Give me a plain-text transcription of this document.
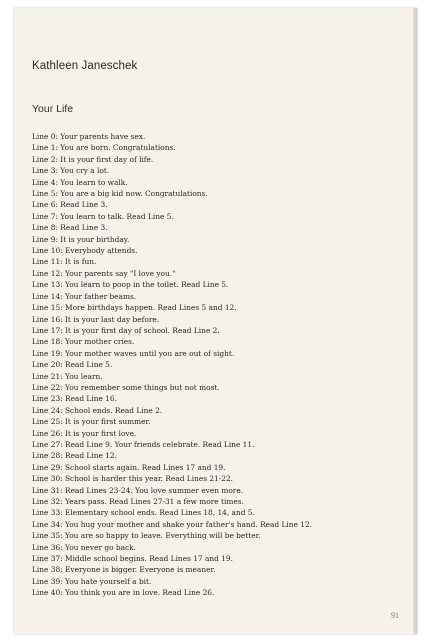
Kathleen Janeschek
Your Life
Line 0: Your parents have sex.
Line 1: You are born. Congratulations.
Line 2: It is your first day of life.
Line 3: You cry a lot.
Line 4: You learn to walk.
Line 5: You are a big kid now. Congratulations.
Line 6: Read Line 3.
Line 7: You learn to talk. Read Line 5.
Line 8: Read Line 3.
Line 9: It is your birthday.
Line 10: Everybody attends.
Line 11: It is fun.
Line 12: Your parents say "I love you."
Line 13: You learn to poop in the toilet. Read Line 5.
Line 14: Your father beams.
Line 15: More birthdays happen. Read Lines 5 and 12.
Line 16: It is your last day before.
Line 17: It is your first day of school. Read Line 2.
Line 18: Your mother cries.
Line 19: Your mother waves until you are out of sight.
Line 20: Read Line 5.
Line 21: You learn.
Line 22: You remember some things but not most.
Line 23: Read Line 16.
Line 24: School ends. Read Line 2.
Line 25: It is your first summer.
Line 26: It is your first love.
Line 27: Read Line 9. Your friends celebrate. Read Line 11.
Line 28: Read Line 12.
Line 29: School starts again. Read Lines 17 and 19.
Line 30: School is harder this year. Read Lines 21-22.
Line 31: Read Lines 23-24. You love summer even more.
Line 32: Years pass. Read Lines 27-31 a few more times.
Line 33: Elementary school ends. Read Lines 18, 14, and 5.
Line 34: You hug your mother and shake your father's hand. Read Line 12.
Line 35: You are so happy to leave. Everything will be better.
Line 36: You never go back.
Line 37: Middle school begins. Read Lines 17 and 19.
Line 38: Everyone is bigger. Everyone is meaner.
Line 39: You hate yourself a bit.
Line 40: You think you are in love. Read Line 26.
91
